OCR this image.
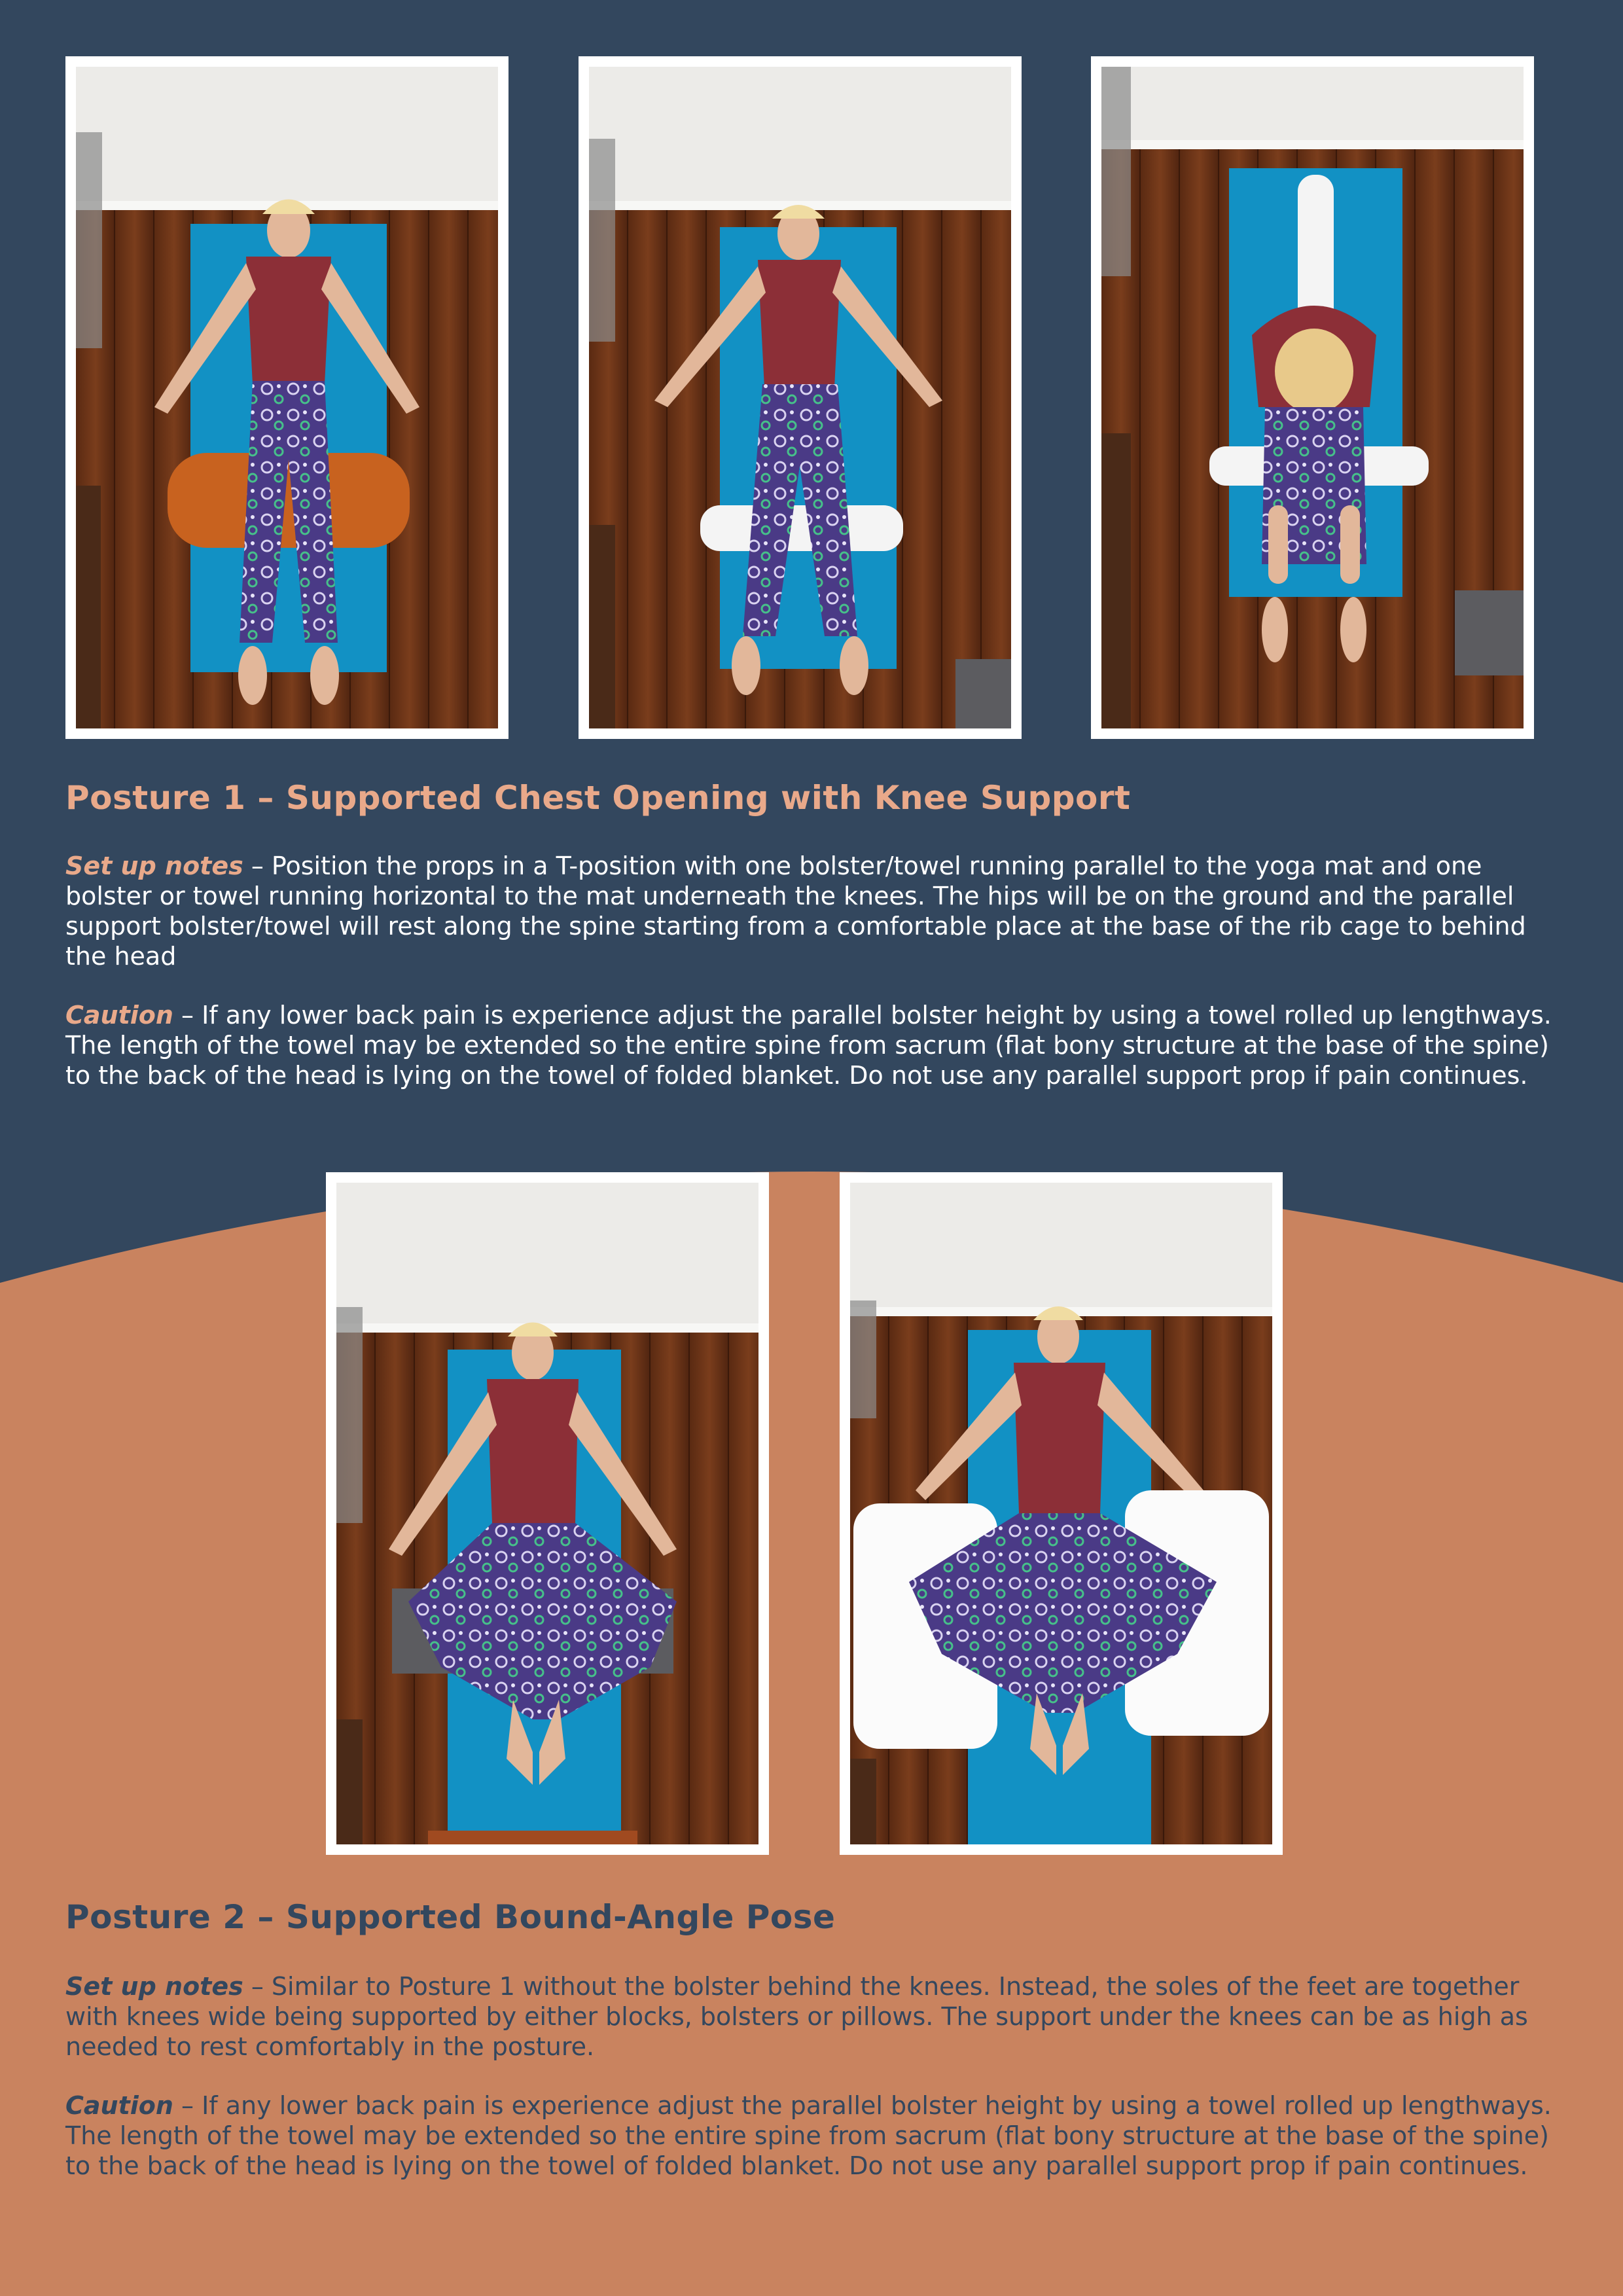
Posture 1 – Supported Chest Opening with Knee Support

Set up notes – Position the props in a T-position with one bolster/towel running parallel to the yoga mat and one bolster or towel running horizontal to the mat underneath the knees. The hips will be on the ground and the parallel support bolster/towel will rest along the spine starting from a comfortable place at the base of the rib cage to behind the head

Caution – If any lower back pain is experience adjust the parallel bolster height by using a towel rolled up lengthways. The length of the towel may be extended so the entire spine from sacrum (flat bony structure at the base of the spine) to the back of the head is lying on the towel of folded blanket. Do not use any parallel support prop if pain continues.

Posture 2 – Supported Bound-Angle Pose

Set up notes – Similar to Posture 1 without the bolster behind the knees. Instead, the soles of the feet are together with knees wide being supported by either blocks, bolsters or pillows. The support under the knees can be as high as needed to rest comfortably in the posture.

Caution – If any lower back pain is experience adjust the parallel bolster height by using a towel rolled up lengthways. The length of the towel may be extended so the entire spine from sacrum (flat bony structure at the base of the spine) to the back of the head is lying on the towel of folded blanket. Do not use any parallel support prop if pain continues.
